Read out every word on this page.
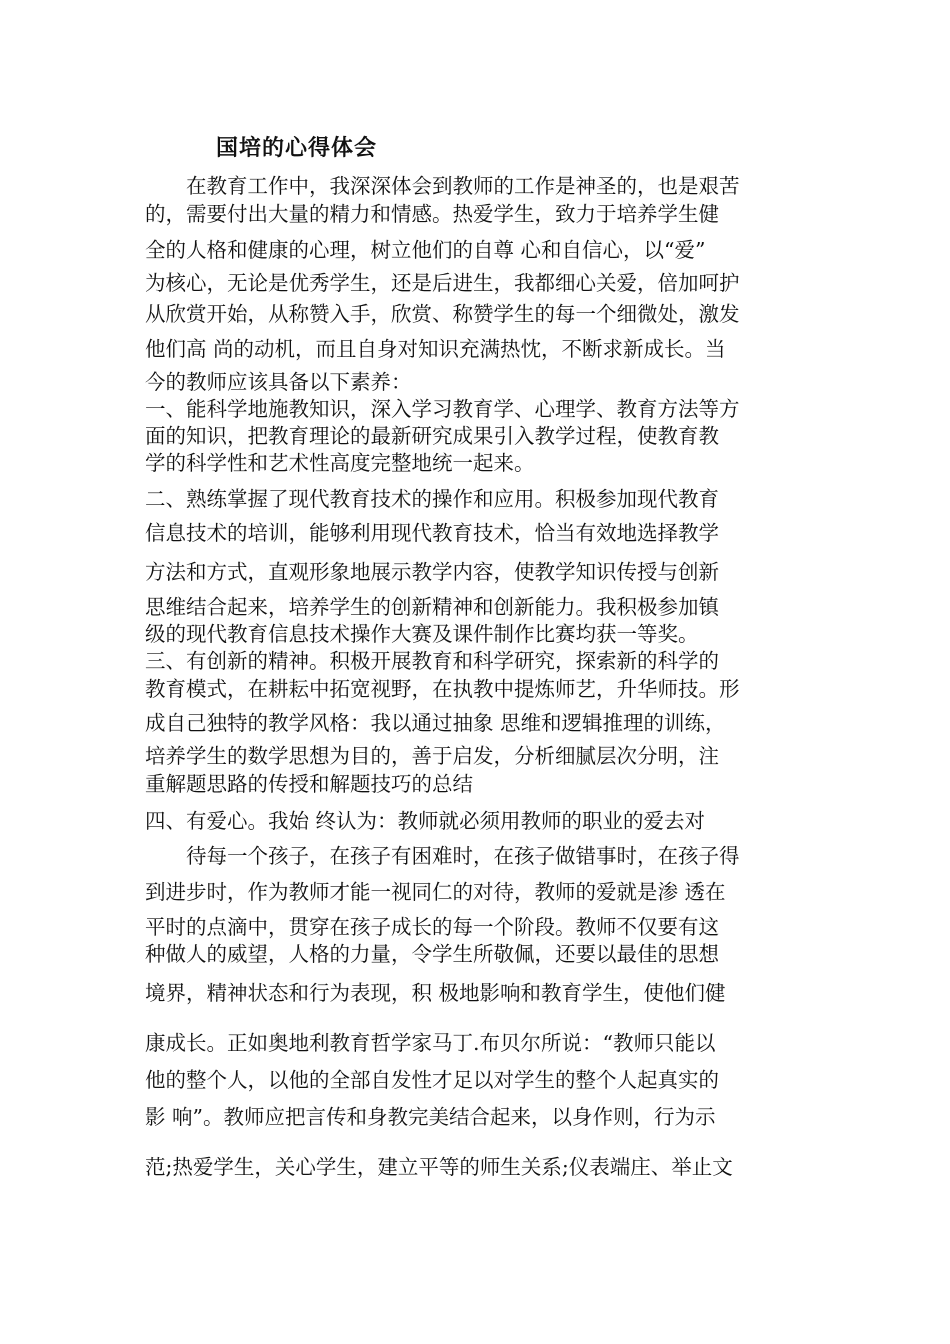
国培的心得体会
　　在教育工作中，我深深体会到教师的工作是神圣的，也是艰苦
的，需要付出大量的精力和情感。热爱学生，致力于培养学生健
全的人格和健康的心理，树立他们的自尊 心和自信心，以“爱”
为核心，无论是优秀学生，还是后进生，我都细心关爱，倍加呵护
从欣赏开始，从称赞入手，欣赏、称赞学生的每一个细微处，激发
他们高 尚的动机，而且自身对知识充满热忱，不断求新成长。当
今的教师应该具备以下素养：
一、能科学地施教知识，深入学习教育学、心理学、教育方法等方
面的知识，把教育理论的最新研究成果引入教学过程，使教育教
学的科学性和艺术性高度完整地统一起来。
二、熟练掌握了现代教育技术的操作和应用。积极参加现代教育
信息技术的培训，能够利用现代教育技术，恰当有效地选择教学
方法和方式，直观形象地展示教学内容，使教学知识传授与创新
思维结合起来，培养学生的创新精神和创新能力。我积极参加镇
级的现代教育信息技术操作大赛及课件制作比赛均获一等奖。
三、有创新的精神。积极开展教育和科学研究，探索新的科学的
教育模式，在耕耘中拓宽视野，在执教中提炼师艺，升华师技。形
成自己独特的教学风格：我以通过抽象 思维和逻辑推理的训练，
培养学生的数学思想为目的，善于启发，分析细腻层次分明，注
重解题思路的传授和解题技巧的总结
四、有爱心。我始 终认为：教师就必须用教师的职业的爱去对
　　待每一个孩子，在孩子有困难时，在孩子做错事时，在孩子得
到进步时，作为教师才能一视同仁的对待，教师的爱就是渗 透在
平时的点滴中，贯穿在孩子成长的每一个阶段。教师不仅要有这
种做人的威望，人格的力量，令学生所敬佩，还要以最佳的思想
境界，精神状态和行为表现，积 极地影响和教育学生，使他们健
康成长。正如奥地利教育哲学家马丁.布贝尔所说：“教师只能以
他的整个人，以他的全部自发性才足以对学生的整个人起真实的
影 响”。教师应把言传和身教完美结合起来，以身作则，行为示
范;热爱学生，关心学生，建立平等的师生关系;仪表端庄、举止文
